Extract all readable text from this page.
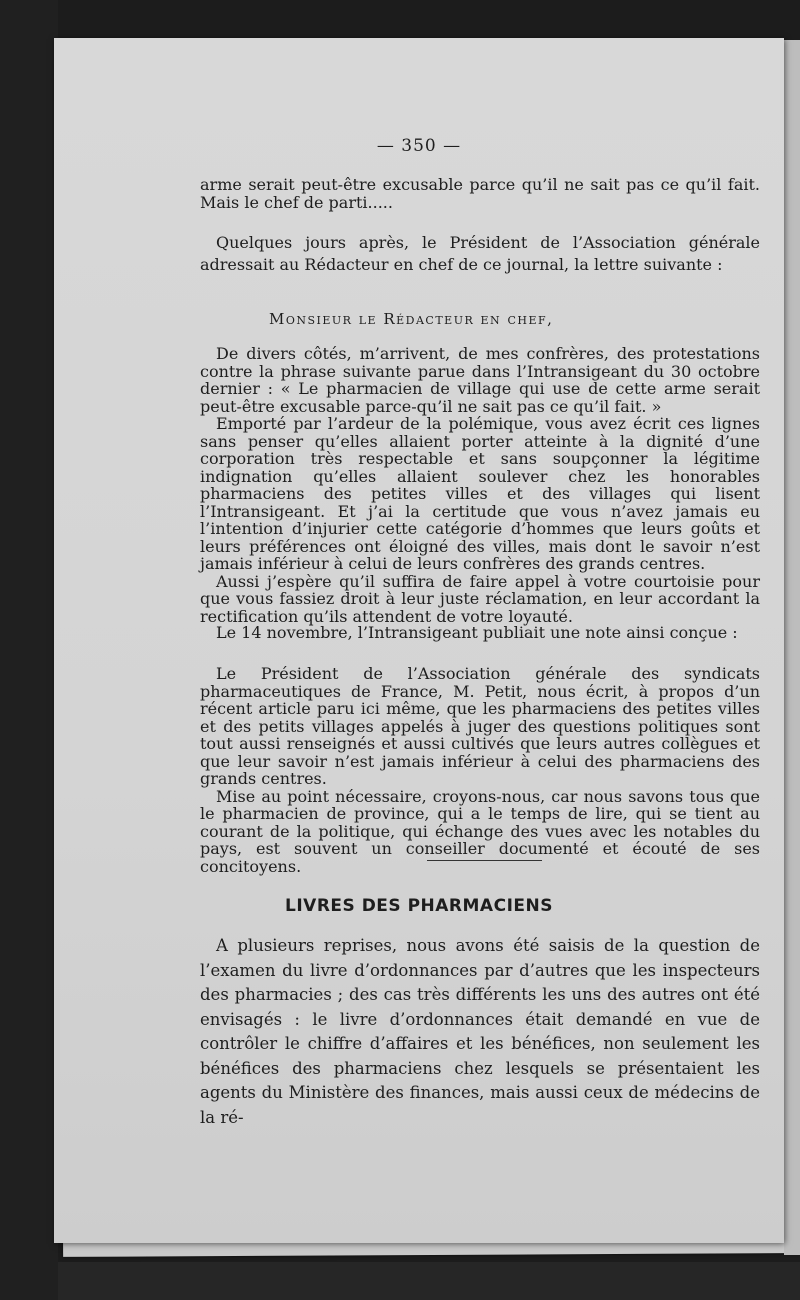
— 350 —

arme serait peut-être excusable parce qu’il ne sait pas ce qu’il fait. Mais le chef de parti.....

Quelques jours après, le Président de l’Association générale adressait au Rédacteur en chef de ce journal, la lettre suivante :

Monsieur le Rédacteur en chef,

De divers côtés, m’arrivent, de mes confrères, des protestations contre la phrase suivante parue dans l’Intransigeant du 30 octobre dernier : « Le pharmacien de village qui use de cette arme serait peut-être excusable parce-qu’il ne sait pas ce qu’il fait. »

Emporté par l’ardeur de la polémique, vous avez écrit ces lignes sans penser qu’elles allaient porter atteinte à la dignité d’une corporation très respectable et sans soupçonner la légitime indignation qu’elles allaient soulever chez les honorables pharmaciens des petites villes et des villages qui lisent l’Intransigeant. Et j’ai la certitude que vous n’avez jamais eu l’intention d’injurier cette catégorie d’hommes que leurs goûts et leurs préférences ont éloigné des villes, mais dont le savoir n’est jamais inférieur à celui de leurs confrères des grands centres.

Aussi j’espère qu’il suffira de faire appel à votre courtoisie pour que vous fassiez droit à leur juste réclamation, en leur accordant la rectification qu’ils attendent de votre loyauté.

Le 14 novembre, l’Intransigeant publiait une note ainsi conçue :

Le Président de l’Association générale des syndicats pharmaceutiques de France, M. Petit, nous écrit, à propos d’un récent article paru ici même, que les pharmaciens des petites villes et des petits villages appelés à juger des questions politiques sont tout aussi renseignés et aussi cultivés que leurs autres collègues et que leur savoir n’est jamais inférieur à celui des pharmaciens des grands centres.

Mise au point nécessaire, croyons-nous, car nous savons tous que le pharmacien de province, qui a le temps de lire, qui se tient au courant de la politique, qui échange des vues avec les notables du pays, est souvent un conseiller documenté et écouté de ses concitoyens.

LIVRES DES PHARMACIENS

A plusieurs reprises, nous avons été saisis de la question de l’examen du livre d’ordonnances par d’autres que les inspecteurs des pharmacies ; des cas très différents les uns des autres ont été envisagés : le livre d’ordonnances était demandé en vue de contrôler le chiffre d’affaires et les bénéfices, non seulement les bénéfices des pharmaciens chez lesquels se présentaient les agents du Ministère des finances, mais aussi ceux de médecins de la ré-
